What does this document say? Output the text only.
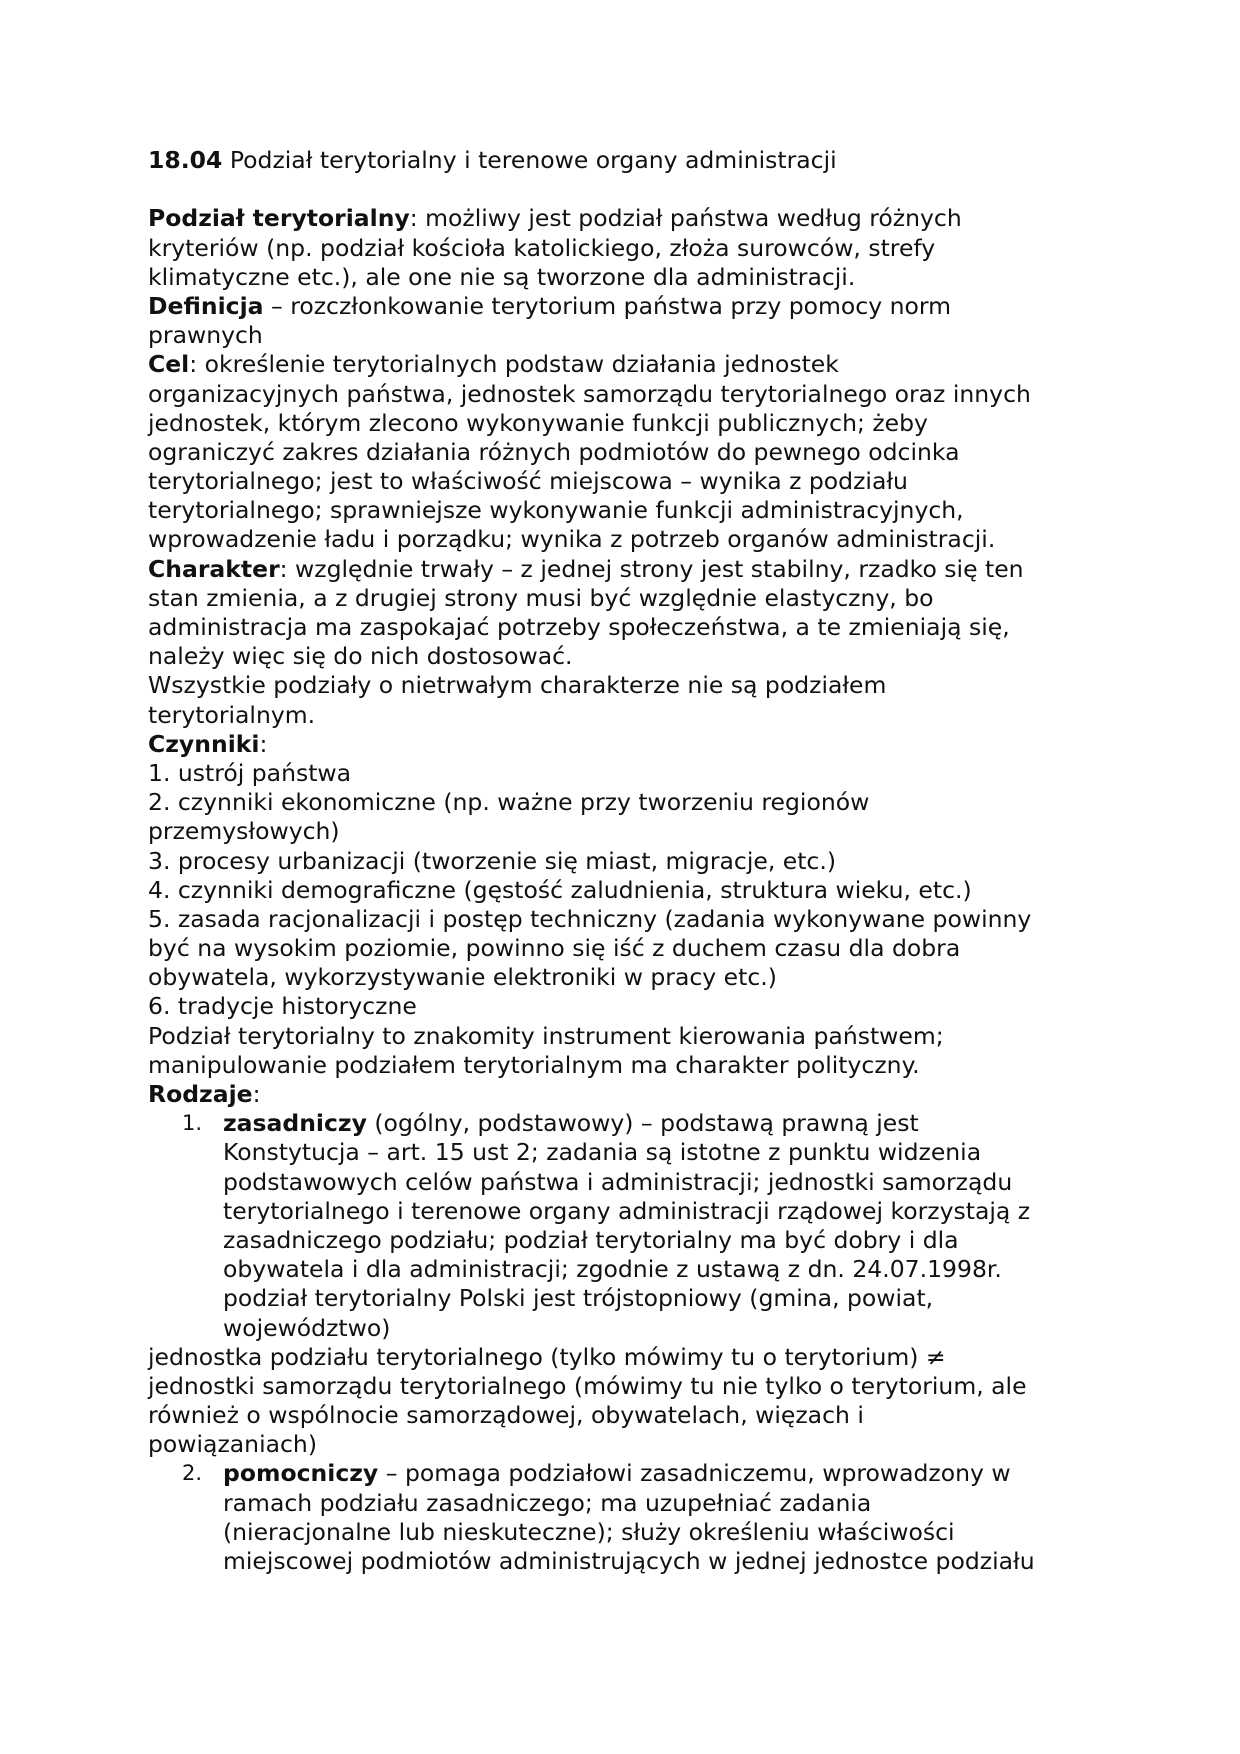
18.04 Podział terytorialny i terenowe organy administracji
Podział terytorialny: możliwy jest podział państwa według różnych
kryteriów (np. podział kościoła katolickiego, złoża surowców, strefy
klimatyczne etc.), ale one nie są tworzone dla administracji.
Definicja – rozczłonkowanie terytorium państwa przy pomocy norm
prawnych
Cel: określenie terytorialnych podstaw działania jednostek
organizacyjnych państwa, jednostek samorządu terytorialnego oraz innych
jednostek, którym zlecono wykonywanie funkcji publicznych; żeby
ograniczyć zakres działania różnych podmiotów do pewnego odcinka
terytorialnego; jest to właściwość miejscowa – wynika z podziału
terytorialnego; sprawniejsze wykonywanie funkcji administracyjnych,
wprowadzenie ładu i porządku; wynika z potrzeb organów administracji.
Charakter: względnie trwały – z jednej strony jest stabilny, rzadko się ten
stan zmienia, a z drugiej strony musi być względnie elastyczny, bo
administracja ma zaspokajać potrzeby społeczeństwa, a te zmieniają się,
należy więc się do nich dostosować.
Wszystkie podziały o nietrwałym charakterze nie są podziałem
terytorialnym.
Czynniki:
1. ustrój państwa
2. czynniki ekonomiczne (np. ważne przy tworzeniu regionów
przemysłowych)
3. procesy urbanizacji (tworzenie się miast, migracje, etc.)
4. czynniki demograficzne (gęstość zaludnienia, struktura wieku, etc.)
5. zasada racjonalizacji i postęp techniczny (zadania wykonywane powinny
być na wysokim poziomie, powinno się iść z duchem czasu dla dobra
obywatela, wykorzystywanie elektroniki w pracy etc.)
6. tradycje historyczne
Podział terytorialny to znakomity instrument kierowania państwem;
manipulowanie podziałem terytorialnym ma charakter polityczny.
Rodzaje:
1. zasadniczy (ogólny, podstawowy) – podstawą prawną jest
Konstytucja – art. 15 ust 2; zadania są istotne z punktu widzenia
podstawowych celów państwa i administracji; jednostki samorządu
terytorialnego i terenowe organy administracji rządowej korzystają z
zasadniczego podziału; podział terytorialny ma być dobry i dla
obywatela i dla administracji; zgodnie z ustawą z dn. 24.07.1998r.
podział terytorialny Polski jest trójstopniowy (gmina, powiat,
województwo)
jednostka podziału terytorialnego (tylko mówimy tu o terytorium) ≠
jednostki samorządu terytorialnego (mówimy tu nie tylko o terytorium, ale
również o wspólnocie samorządowej, obywatelach, więzach i
powiązaniach)
2. pomocniczy – pomaga podziałowi zasadniczemu, wprowadzony w
ramach podziału zasadniczego; ma uzupełniać zadania
(nieracjonalne lub nieskuteczne); służy określeniu właściwości
miejscowej podmiotów administrujących w jednej jednostce podziału
